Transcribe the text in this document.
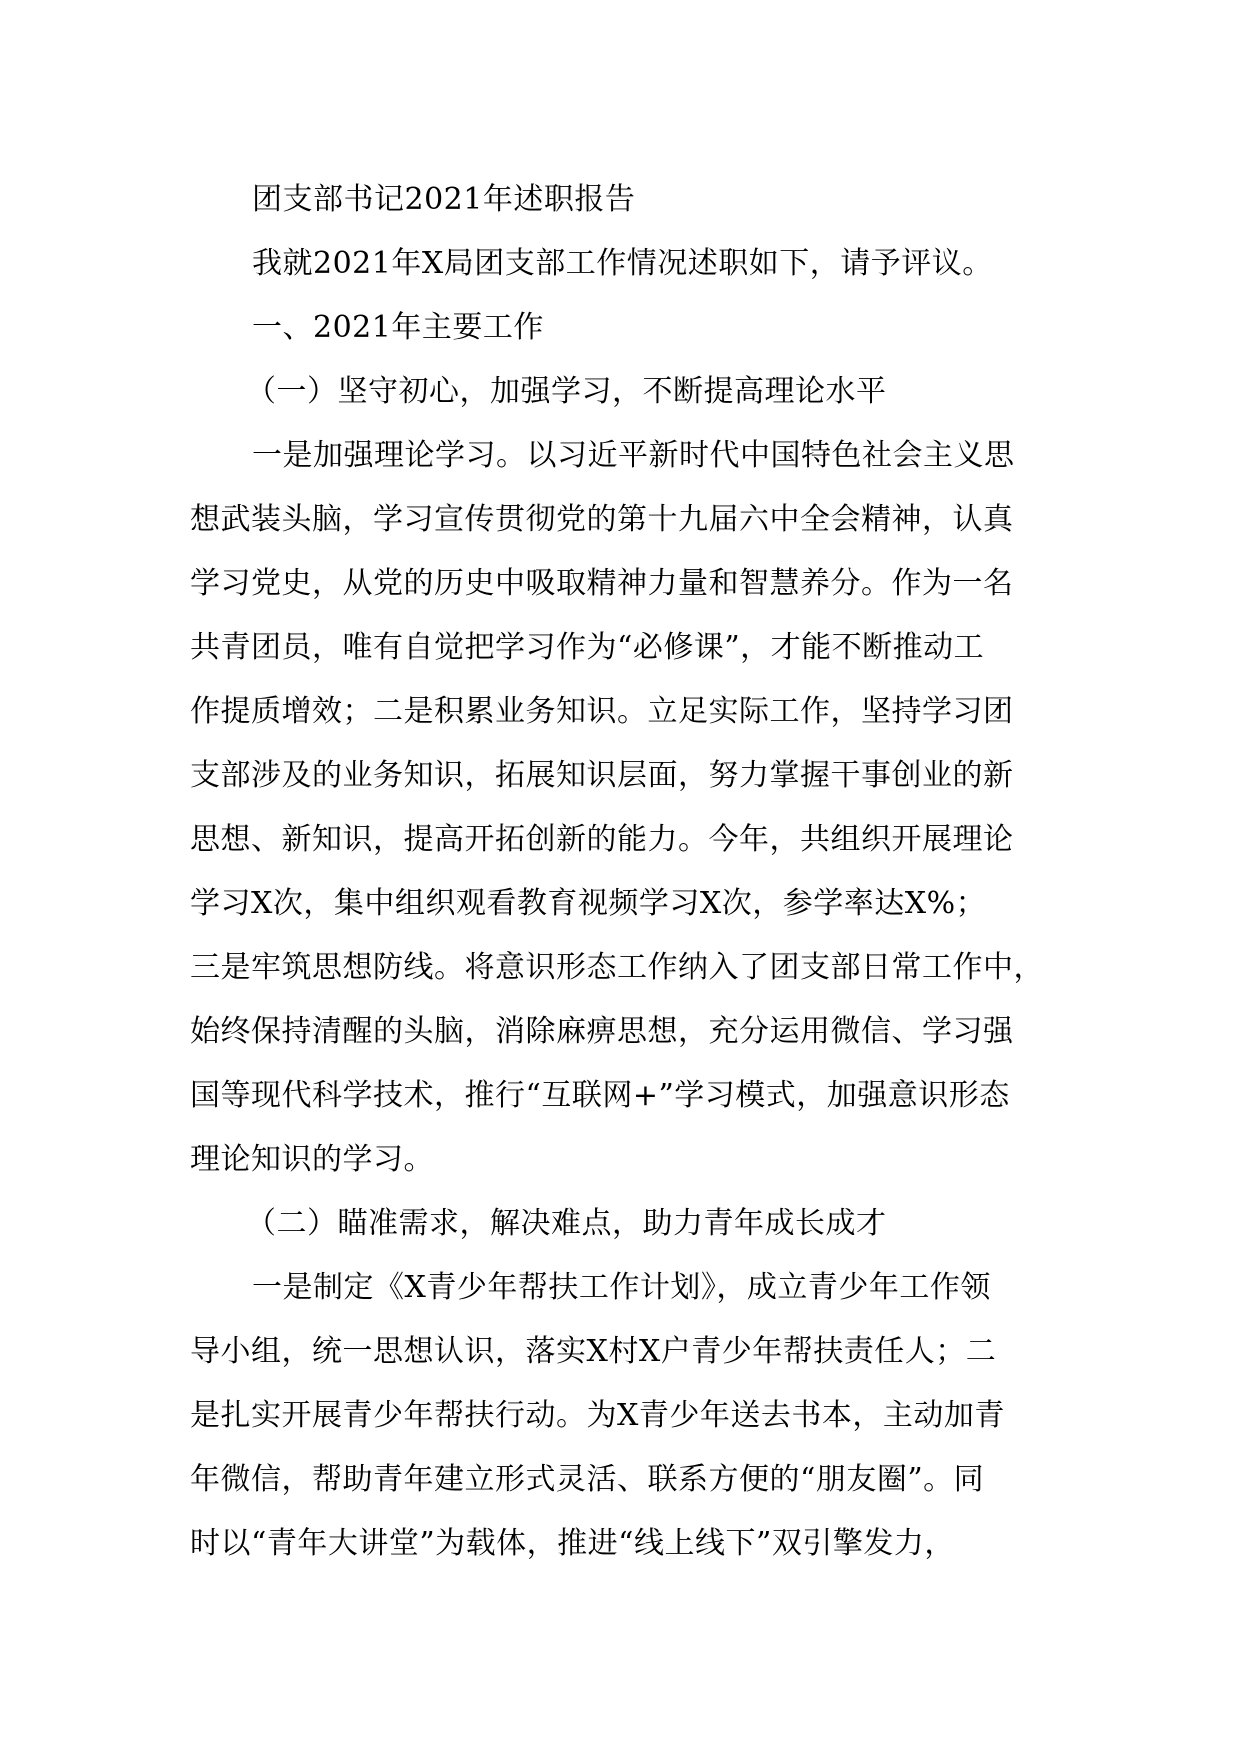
团支部书记2021年述职报告
我就2021年X局团支部工作情况述职如下，请予评议。
一、2021年主要工作
（一）坚守初心，加强学习，不断提高理论水平
一是加强理论学习。以习近平新时代中国特色社会主义思
想武装头脑，学习宣传贯彻党的第十九届六中全会精神，认真
学习党史，从党的历史中吸取精神力量和智慧养分。作为一名
共青团员，唯有自觉把学习作为“必修课”，才能不断推动工
作提质增效；二是积累业务知识。立足实际工作，坚持学习团
支部涉及的业务知识，拓展知识层面，努力掌握干事创业的新
思想、新知识，提高开拓创新的能力。今年，共组织开展理论
学习X次，集中组织观看教育视频学习X次，参学率达X%；
三是牢筑思想防线。将意识形态工作纳入了团支部日常工作中，
始终保持清醒的头脑，消除麻痹思想，充分运用微信、学习强
国等现代科学技术，推行“互联网+”学习模式，加强意识形态
理论知识的学习。
（二）瞄准需求，解决难点，助力青年成长成才
一是制定《X青少年帮扶工作计划》，成立青少年工作领
导小组，统一思想认识，落实X村X户青少年帮扶责任人；二
是扎实开展青少年帮扶行动。为X青少年送去书本，主动加青
年微信，帮助青年建立形式灵活、联系方便的“朋友圈”。同
时以“青年大讲堂”为载体，推进“线上线下”双引擎发力，
